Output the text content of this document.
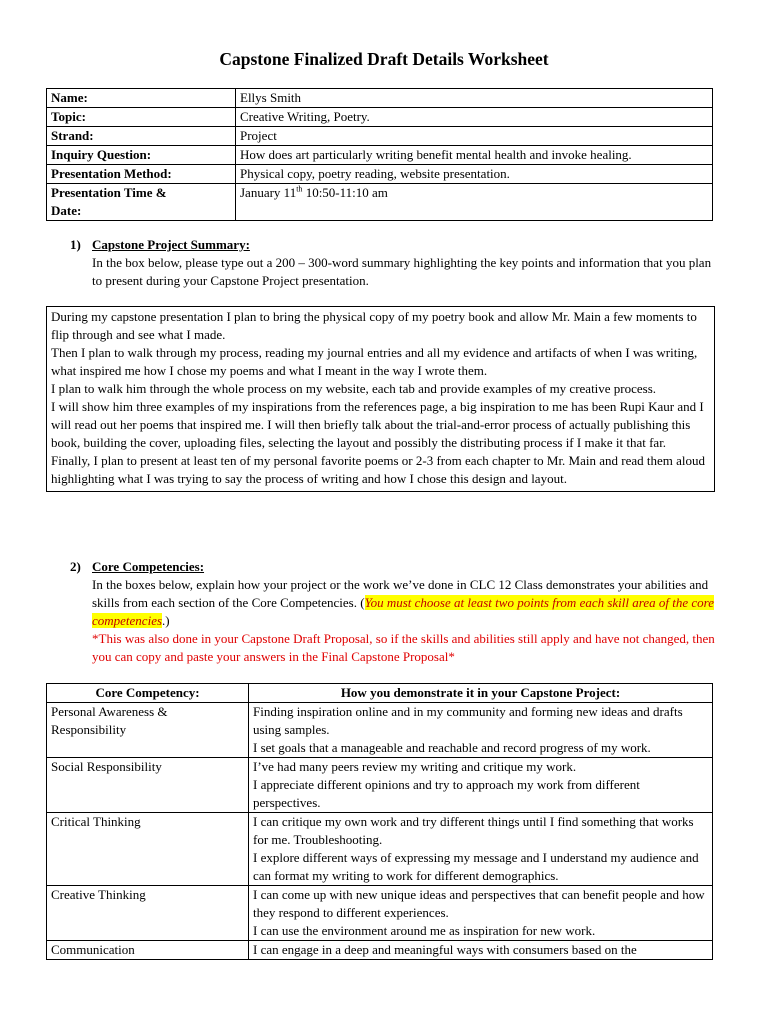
Capstone Finalized Draft Details Worksheet
Name:	Ellys Smith
Topic:	Creative Writing, Poetry.
Strand:	Project
Inquiry Question:	How does art particularly writing benefit mental health and invoke healing.
Presentation Method:	Physical copy, poetry reading, website presentation.
Presentation Time &
Date:	January 11th 10:50-11:10 am
1) Capstone Project Summary:
In the box below, please type out a 200 – 300-word summary highlighting the key points and information that you plan to present during your Capstone Project presentation.

During my capstone presentation I plan to bring the physical copy of my poetry book and allow Mr. Main a few moments to flip through and see what I made.

Then I plan to walk through my process, reading my journal entries and all my evidence and artifacts of when I was writing, what inspired me how I chose my poems and what I meant in the way I wrote them.

I plan to walk him through the whole process on my website, each tab and provide examples of my creative process.

I will show him three examples of my inspirations from the references page, a big inspiration to me has been Rupi Kaur and I will read out her poems that inspired me. I will then briefly talk about the trial-and-error process of actually publishing this book, building the cover, uploading files, selecting the layout and possibly the distributing process if I make it that far.

Finally, I plan to present at least ten of my personal favorite poems or 2-3 from each chapter to Mr. Main and read them aloud highlighting what I was trying to say the process of writing and how I chose this design and layout.

2) Core Competencies:
In the boxes below, explain how your project or the work we’ve done in CLC 12 Class demonstrates your abilities and skills from each section of the Core Competencies. (You must choose at least two points from each skill area of the core competencies.)
*This was also done in your Capstone Draft Proposal, so if the skills and abilities still apply and have not changed, then you can copy and paste your answers in the Final Capstone Proposal*
Core Competency:	How you demonstrate it in your Capstone Project:
Personal Awareness & Responsibility	Finding inspiration online and in my community and forming new ideas and drafts using samples.

I set goals that a manageable and reachable and record progress of my work.

Social Responsibility	I’ve had many peers review my writing and critique my work.

I appreciate different opinions and try to approach my work from different perspectives.

Critical Thinking	I can critique my own work and try different things until I find something that works for me. Troubleshooting.

I explore different ways of expressing my message and I understand my audience and can format my writing to work for different demographics.

Creative Thinking	I can come up with new unique ideas and perspectives that can benefit people and how they respond to different experiences.

I can use the environment around me as inspiration for new work.

Communication	I can engage in a deep and meaningful ways with consumers based on the
